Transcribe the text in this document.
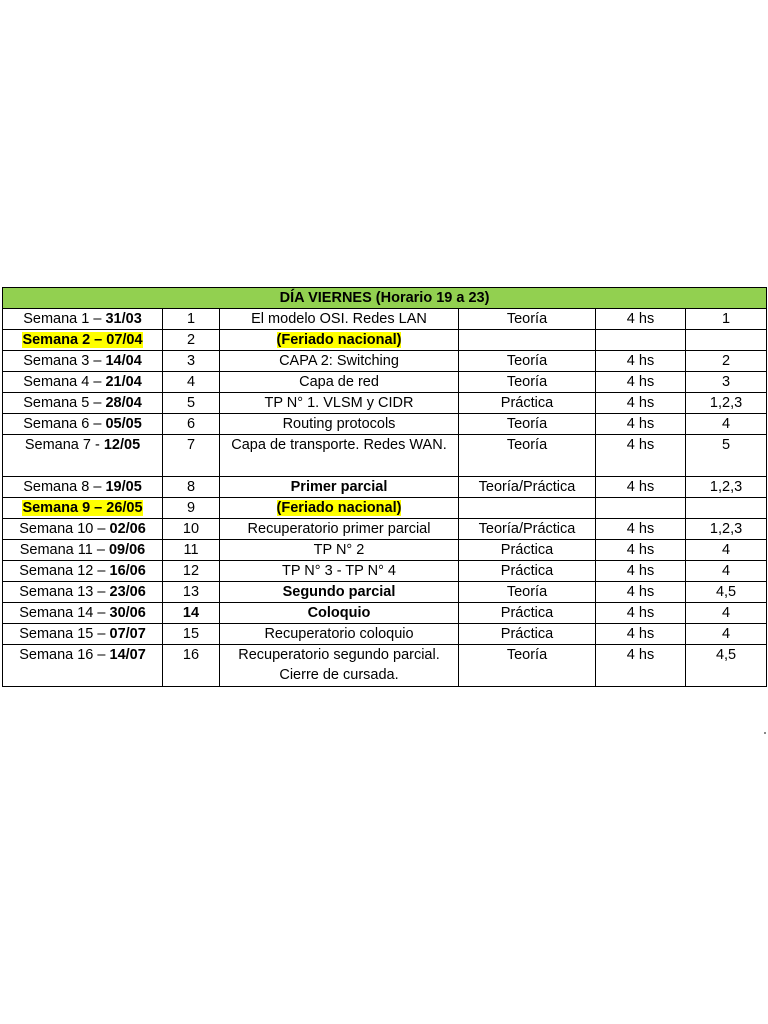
DÍA VIERNES (Horario 19 a 23)					
Semana 1 – 31/03	1	El modelo OSI. Redes LAN	Teoría	4 hs	1
Semana 2 – 07/04	2	(Feriado nacional)			
Semana 3 – 14/04	3	CAPA 2: Switching	Teoría	4 hs	2
Semana 4 – 21/04	4	Capa de red	Teoría	4 hs	3
Semana 5 – 28/04	5	TP N° 1. VLSM y CIDR	Práctica	4 hs	1,2,3
Semana 6 – 05/05	6	Routing protocols	Teoría	4 hs	4
Semana 7 - 12/05	7	Capa de transporte. Redes WAN.	Teoría	4 hs	5
Semana 8 – 19/05	8	Primer parcial	Teoría/Práctica	4 hs	1,2,3
Semana 9 – 26/05	9	(Feriado nacional)			
Semana 10 – 02/06	10	Recuperatorio primer parcial	Teoría/Práctica	4 hs	1,2,3
Semana 11 – 09/06	11	TP N° 2	Práctica	4 hs	4
Semana 12 – 16/06	12	TP N° 3 - TP N° 4	Práctica	4 hs	4
Semana 13 – 23/06	13	Segundo parcial	Teoría	4 hs	4,5
Semana 14 – 30/06	14	Coloquio	Práctica	4 hs	4
Semana 15 – 07/07	15	Recuperatorio coloquio	Práctica	4 hs	4
Semana 16 – 14/07	16	Recuperatorio segundo parcial. Cierre de cursada.	Teoría	4 hs	4,5
